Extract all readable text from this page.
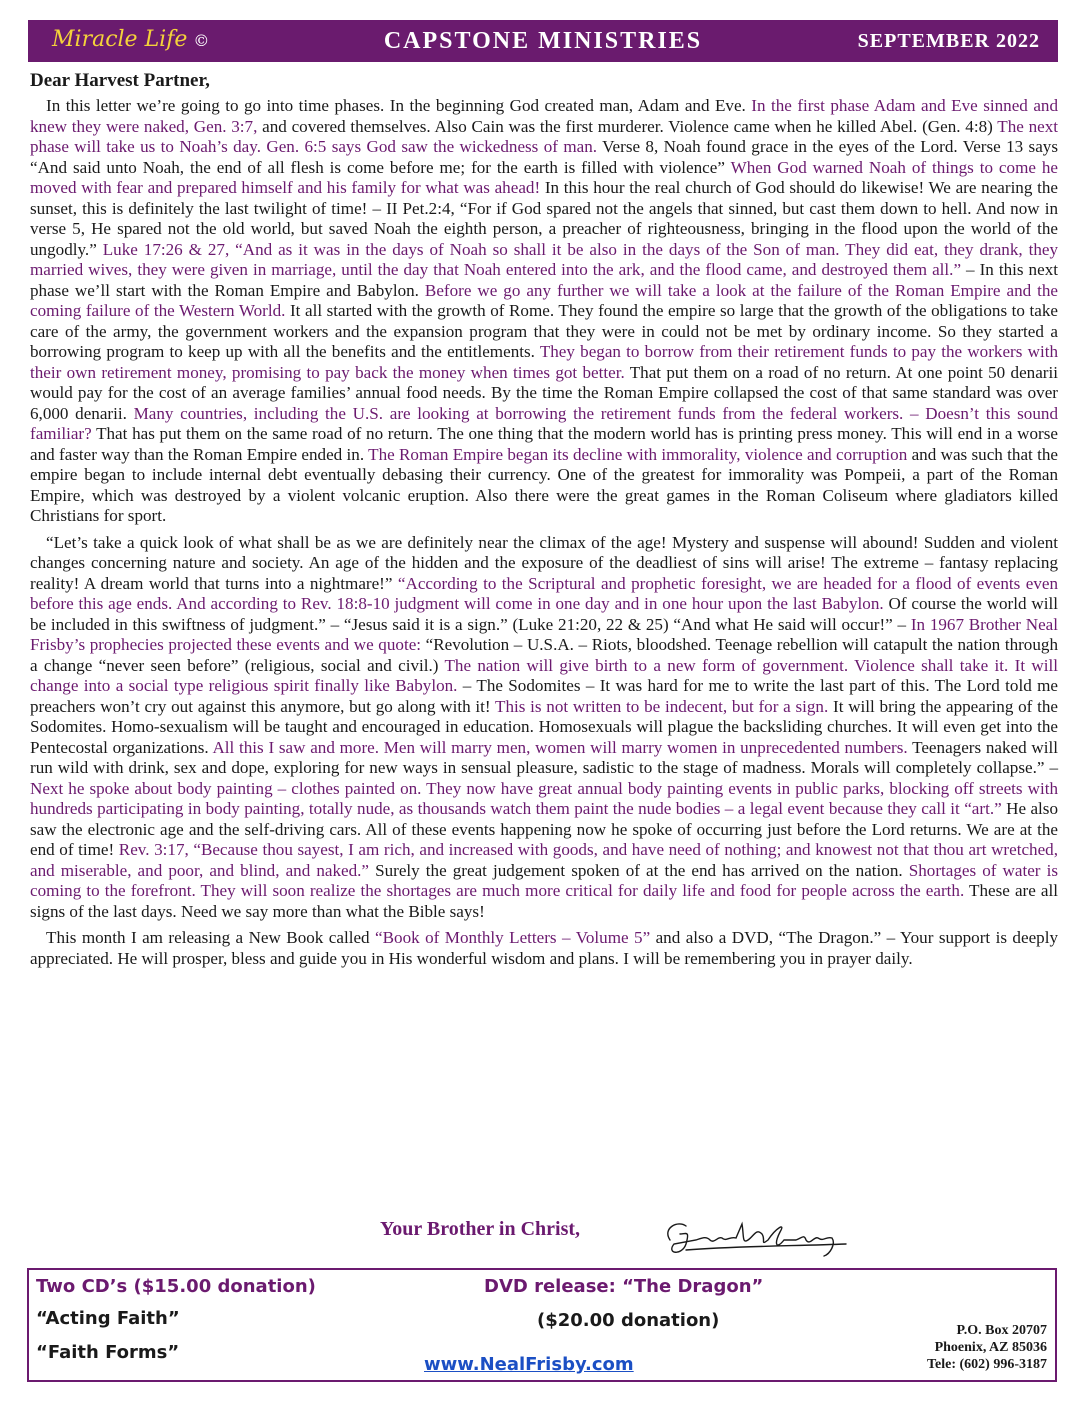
Miracle Life ©	CAPSTONE MINISTRIES	SEPTEMBER 2022
Dear Harvest Partner,

In this letter we’re going to go into time phases. In the beginning God created man, Adam and Eve. In the first phase Adam and Eve sinned and knew they were naked, Gen. 3:7, and covered themselves. Also Cain was the first murderer. Violence came when he killed Abel. (Gen. 4:8) The next phase will take us to Noah’s day. Gen. 6:5 says God saw the wickedness of man. Verse 8, Noah found grace in the eyes of the Lord. Verse 13 says “And said unto Noah, the end of all flesh is come before me; for the earth is filled with violence” When God warned Noah of things to come he moved with fear and prepared himself and his family for what was ahead! In this hour the real church of God should do likewise! We are nearing the sunset, this is definitely the last twilight of time! – II Pet.2:4, “For if God spared not the angels that sinned, but cast them down to hell. And now in verse 5, He spared not the old world, but saved Noah the eighth person, a preacher of righteousness, bringing in the flood upon the world of the ungodly.” Luke 17:26 & 27, “And as it was in the days of Noah so shall it be also in the days of the Son of man. They did eat, they drank, they married wives, they were given in marriage, until the day that Noah entered into the ark, and the flood came, and destroyed them all.” – In this next phase we’ll start with the Roman Empire and Babylon. Before we go any further we will take a look at the failure of the Roman Empire and the coming failure of the Western World. It all started with the growth of Rome. They found the empire so large that the growth of the obligations to take care of the army, the government workers and the expansion program that they were in could not be met by ordinary income. So they started a borrowing program to keep up with all the benefits and the entitlements. They began to borrow from their retirement funds to pay the workers with their own retirement money, promising to pay back the money when times got better. That put them on a road of no return. At one point 50 denarii would pay for the cost of an average families’ annual food needs. By the time the Roman Empire collapsed the cost of that same standard was over 6,000 denarii. Many countries, including the U.S. are looking at borrowing the retirement funds from the federal workers. – Doesn’t this sound familiar? That has put them on the same road of no return. The one thing that the modern world has is printing press money. This will end in a worse and faster way than the Roman Empire ended in. The Roman Empire began its decline with immorality, violence and corruption and was such that the empire began to include internal debt eventually debasing their currency. One of the greatest for immorality was Pompeii, a part of the Roman Empire, which was destroyed by a violent volcanic eruption. Also there were the great games in the Roman Coliseum where gladiators killed Christians for sport.

“Let’s take a quick look of what shall be as we are definitely near the climax of the age! Mystery and suspense will abound! Sudden and violent changes concerning nature and society. An age of the hidden and the exposure of the deadliest of sins will arise! The extreme – fantasy replacing reality! A dream world that turns into a nightmare!” “According to the Scriptural and prophetic foresight, we are headed for a flood of events even before this age ends. And according to Rev. 18:8-10 judgment will come in one day and in one hour upon the last Babylon. Of course the world will be included in this swiftness of judgment.” – “Jesus said it is a sign.” (Luke 21:20, 22 & 25) “And what He said will occur!” – In 1967 Brother Neal Frisby’s prophecies projected these events and we quote: “Revolution – U.S.A. – Riots, bloodshed. Teenage rebellion will catapult the nation through a change “never seen before” (religious, social and civil.) The nation will give birth to a new form of government. Violence shall take it. It will change into a social type religious spirit finally like Babylon. – The Sodomites – It was hard for me to write the last part of this. The Lord told me preachers won’t cry out against this anymore, but go along with it! This is not written to be indecent, but for a sign. It will bring the appearing of the Sodomites. Homo-sexualism will be taught and encouraged in education. Homosexuals will plague the backsliding churches. It will even get into the Pentecostal organizations. All this I saw and more. Men will marry men, women will marry women in unprecedented numbers. Teenagers naked will run wild with drink, sex and dope, exploring for new ways in sensual pleasure, sadistic to the stage of madness. Morals will completely collapse.” – Next he spoke about body painting – clothes painted on. They now have great annual body painting events in public parks, blocking off streets with hundreds participating in body painting, totally nude, as thousands watch them paint the nude bodies – a legal event because they call it “art.” He also saw the electronic age and the self-driving cars. All of these events happening now he spoke of occurring just before the Lord returns. We are at the end of time! Rev. 3:17, “Because thou sayest, I am rich, and increased with goods, and have need of nothing; and knowest not that thou art wretched, and miserable, and poor, and blind, and naked.” Surely the great judgement spoken of at the end has arrived on the nation. Shortages of water is coming to the forefront. They will soon realize the shortages are much more critical for daily life and food for people across the earth. These are all signs of the last days. Need we say more than what the Bible says!

This month I am releasing a New Book called “Book of Monthly Letters – Volume 5” and also a DVD, “The Dragon.” – Your support is deeply appreciated. He will prosper, bless and guide you in His wonderful wisdom and plans. I will be remembering you in prayer daily.

Your Brother in Christ,
Two CD’s ($15.00 donation)
“Acting Faith”
“Faith Forms”
DVD release: “The Dragon”
($20.00 donation)
www.NealFrisby.com
P.O. Box 20707
Phoenix, AZ 85036
Tele: (602) 996-3187
